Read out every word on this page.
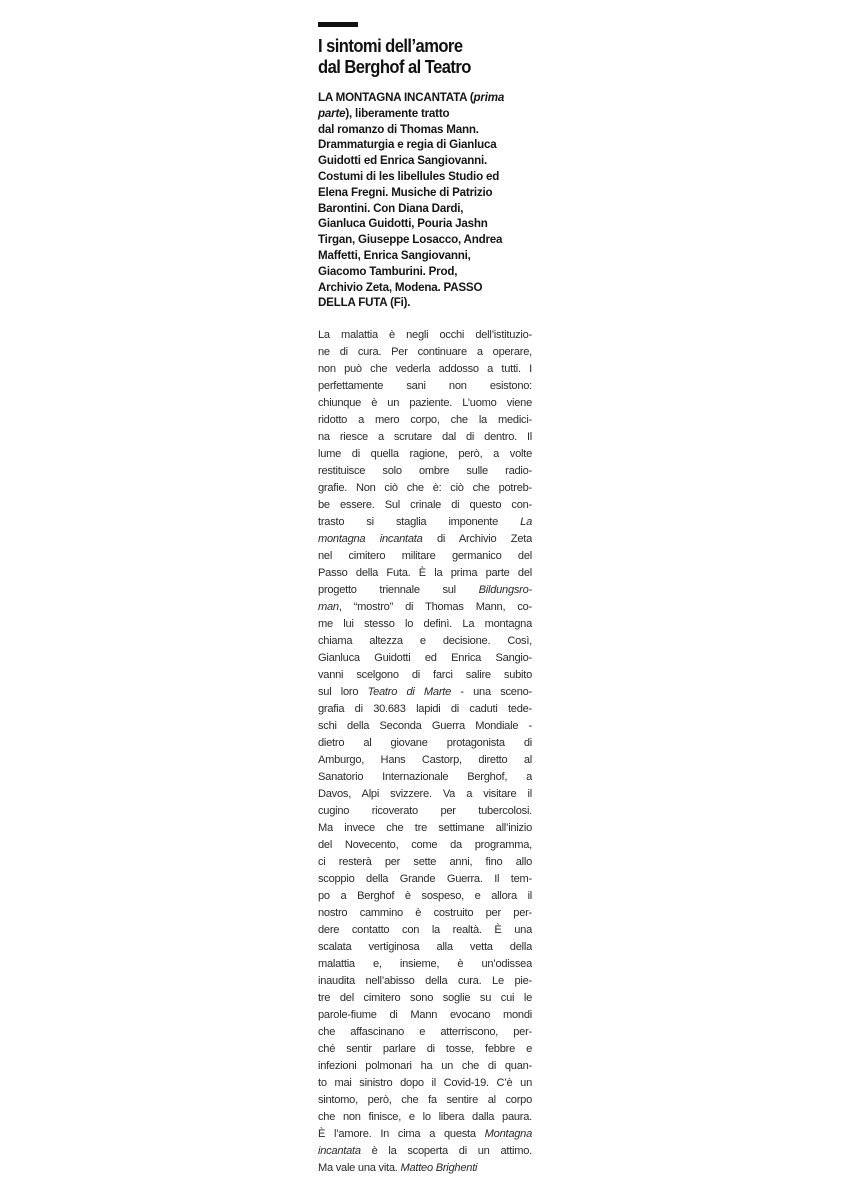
I sintomi dell’amore
dal Berghof al Teatro
LA MONTAGNA INCANTATA (prima
parte), liberamente tratto
dal romanzo di Thomas Mann.
Drammaturgia e regia di Gianluca
Guidotti ed Enrica Sangiovanni.
Costumi di les libellules Studio ed
Elena Fregni. Musiche di Patrizio
Barontini. Con Diana Dardi,
Gianluca Guidotti, Pouria Jashn
Tirgan, Giuseppe Losacco, Andrea
Maffetti, Enrica Sangiovanni,
Giacomo Tamburini. Prod,
Archivio Zeta, Modena. PASSO
DELLA FUTA (Fi).
La malattia è negli occhi dell’istituzio-
ne di cura. Per continuare a operare,
non può che vederla addosso a tutti. I
perfettamente sani non esistono:
chiunque è un paziente. L’uomo viene
ridotto a mero corpo, che la medici-
na riesce a scrutare dal di dentro. Il
lume di quella ragione, però, a volte
restituisce solo ombre sulle radio-
grafie. Non ciò che è: ciò che potreb-
be essere. Sul crinale di questo con-
trasto si staglia imponente La
montagna incantata di Archivio Zeta
nel cimitero militare germanico del
Passo della Futa. È la prima parte del
progetto triennale sul Bildungsro-
man, “mostro” di Thomas Mann, co-
me lui stesso lo definì. La montagna
chiama altezza e decisione. Così,
Gianluca Guidotti ed Enrica Sangio-
vanni scelgono di farci salire subito
sul loro Teatro di Marte - una sceno-
grafia di 30.683 lapidi di caduti tede-
schi della Seconda Guerra Mondiale -
dietro al giovane protagonista di
Amburgo, Hans Castorp, diretto al
Sanatorio Internazionale Berghof, a
Davos, Alpi svizzere. Va a visitare il
cugino ricoverato per tubercolosi.
Ma invece che tre settimane all’inizio
del Novecento, come da programma,
ci resterà per sette anni, fino allo
scoppio della Grande Guerra. Il tem-
po a Berghof è sospeso, e allora il
nostro cammino è costruito per per-
dere contatto con la realtà. È una
scalata vertiginosa alla vetta della
malattia e, insieme, è un’odissea
inaudita nell’abisso della cura. Le pie-
tre del cimitero sono soglie su cui le
parole-fiume di Mann evocano mondi
che affascinano e atterriscono, per-
ché sentir parlare di tosse, febbre e
infezioni polmonari ha un che di quan-
to mai sinistro dopo il Covid-19. C’è un
sintomo, però, che fa sentire al corpo
che non finisce, e lo libera dalla paura.
È l’amore. In cima a questa Montagna
incantata è la scoperta di un attimo.
Ma vale una vita. Matteo Brighenti
